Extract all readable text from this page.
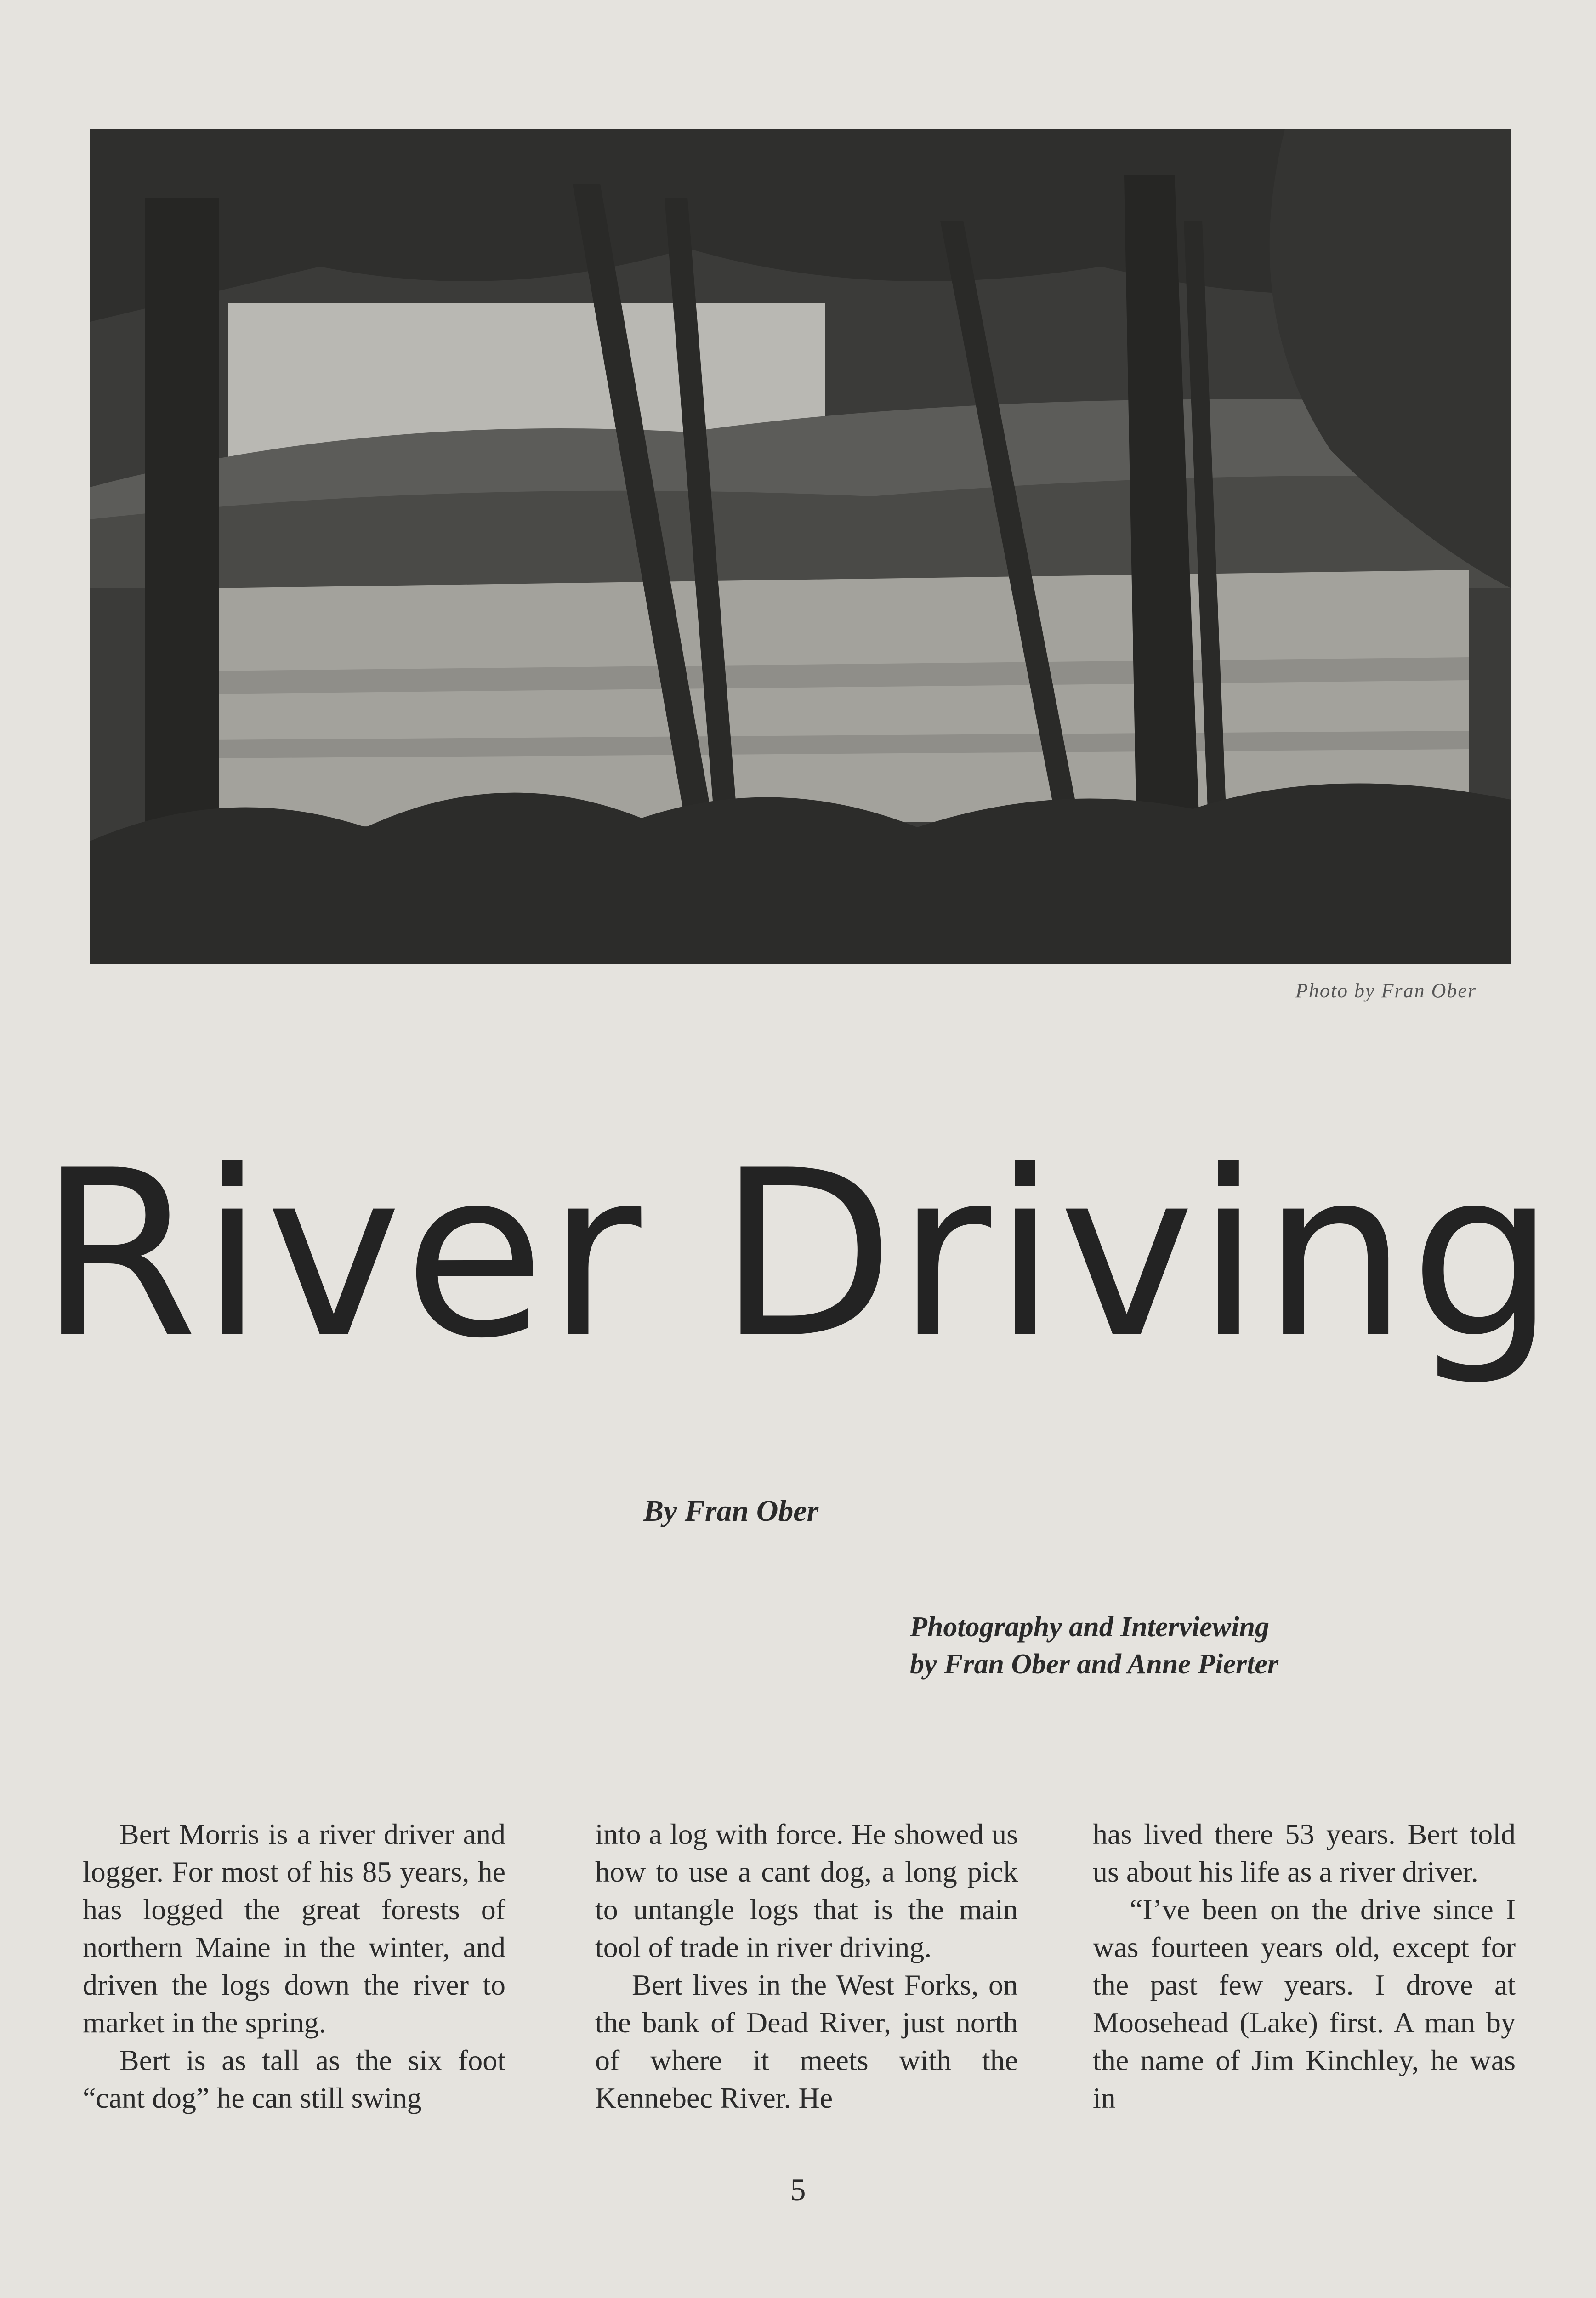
Photo by Fran Ober
River Driving
By Fran Ober
Photography and Interviewing
by Fran Ober and Anne Pierter

Bert Morris is a river driver and logger. For most of his 85 years, he has logged the great forests of northern Maine in the winter, and driven the logs down the river to market in the spring.

Bert is as tall as the six foot “cant dog” he can still swing

into a log with force. He showed us how to use a cant dog, a long pick to untangle logs that is the main tool of trade in river driving.

Bert lives in the West Forks, on the bank of Dead River, just north of where it meets with the Kennebec River. He

has lived there 53 years. Bert told us about his life as a river driver.

“I’ve been on the drive since I was fourteen years old, except for the past few years. I drove at Moosehead (Lake) first. A man by the name of Jim Kinchley, he was in

5
